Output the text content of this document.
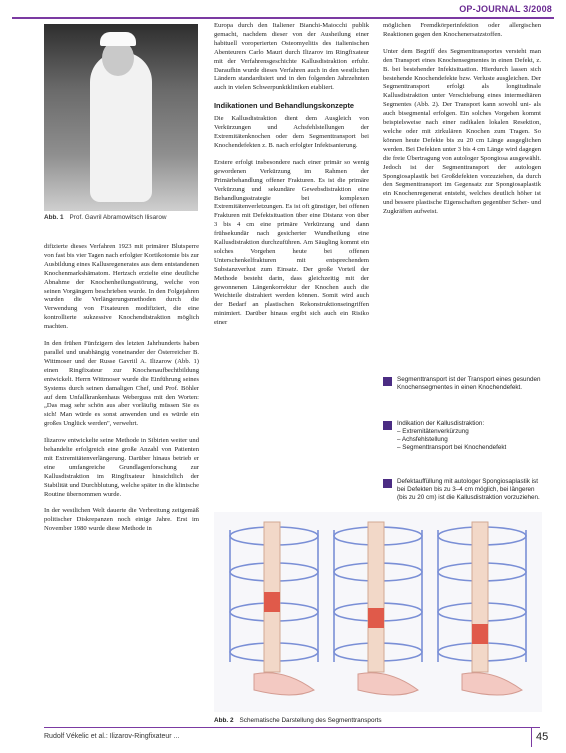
OP-JOURNAL 3/2008
Abb. 1 Prof. Gavril Abramowitsch Ilisarow

difizierte dieses Verfahren 1923 mit primärer Blutsperre von fast bis vier Tagen nach erfolgter Kortikotomie bis zur Ausbildung eines Kallusregenerates aus dem entstandenen Knochenmarkshämatom. Hertzsch erzielte eine deutliche Abnahme der Knochenheilungsstörung, welche von seinen Vorgängern beschrieben wurde. In den Folgejahren wurden die Verlängerungsmethoden durch die Verwendung von Fixateuren modifiziert, die eine kontrollierte sukzessive Knochendistraktion möglich machten.

In den frühen Fünfzigern des letzten Jahrhunderts haben parallel und unabhängig voneinander der Österreicher B. Wittmoser und der Russe Gavriil A. Ilizarow (Abb. 1) einen Ringfixateur zur Knochenaufbechtbildung entwickelt. Herrn Wittmoser wurde die Einführung seines Systems durch seinen damaligen Chef, und Prof. Böhler auf dem Unfallkrankenhaus Weberguss mit den Worten: „Das mag sehr schön aus aber vorläufig müssen Sie es sich! Man würde es sonst anwenden und es würde ein großes Unglück werden", verwehrt.

Ilizarow entwickelte seine Methode in Sibirien weiter und behandelte erfolgreich eine große Anzahl von Patienten mit Extremitätenverlängerung. Darüber hinaus betrieb er eine umfangreiche Grundlagenforschung zur Kallusdistraktion im Ringfixateur hinsichtlich der Stabilität und Durchblutung, welche später in die klinische Routine übernommen wurde.

In der westlichen Welt dauerte die Verbreitung zeitgemäß politischer Diskrepanzen noch einige Jahre. Erst im November 1980 wurde diese Methode in

Europa durch den Italiener Bianchi-Maiocchi publik gemacht, nachdem dieser von der Ausheilung einer habituell voroperierten Osteomyelitis des italienischen Abenteurers Carlo Mauri durch Ilizarov im Ringfixateur mit der Verfahrensgeschichte Kallusdistraktion erfuhr. Daraufhin wurde dieses Verfahren auch in den westlichen Ländern standardisiert und in den folgenden Jahrzehnten auch in vielen Schwerpunktkliniken etabliert.

Indikationen und Behandlungskonzepte

Die Kallusdistraktion dient dem Ausgleich von Verkürzungen und Achsfehlstellungen der Extremitätenknochen oder dem Segmenttransport bei Knochendefekten z. B. nach erfolgter Infektsanierung.

Erstere erfolgt insbesondere nach einer primär so wenig gewordenen Verkürzung im Rahmen der Primärbehandlung offener Frakturen. Es ist die primäre Verkürzung und sekundäre Gewebsdistraktion eine Behandlungsstrategie bei komplexen Extremitätenverletzungen. Es ist oft günstiger, bei offenen Frakturen mit Defektsituation über eine Distanz von über 3 bis 4 cm eine primäre Verkürzung und dann frühsekundär nach gesicherter Wundheilung eine Kallusdistraktion durchzuführen. Am Säugling kommt ein solches Vorgehen heute bei offenen Unterschenkelfrakturen mit entsprechendem Substanzverlust zum Einsatz. Der große Vorteil der Methode besteht darin, dass gleichzeitig mit der gewonnenen Längenkorrektur der Knochen auch die Weichteile distrahiert werden können. Somit wird auch der Bedarf an plastischen Rekonstruktionseingriffen minimiert. Darüber hinaus ergibt sich auch ein Risiko einer

möglichen Fremdkörperinfektion oder allergischen Reaktionen gegen den Knochenersatzstoffen.

Unter dem Begriff des Segmenttransportes versteht man den Transport eines Knochensegmentes in einen Defekt, z. B. bei bestehender Infektsituation. Hierdurch lassen sich bestehende Knochendefekte bzw. Verluste ausgleichen. Der Segmenttransport erfolgt als longitudinale Kallusdistraktion unter Verschiebung eines intermediären Segmentes (Abb. 2). Der Transport kann sowohl uni- als auch bisegmental erfolgen. Ein solches Vorgehen kommt beispielsweise nach einer radikalen lokalen Resektion, welche oder mit zirkulären Knochen zum Tragen. So können heute Defekte bis zu 20 cm Länge ausgeglichen werden. Bei Defekten unter 3 bis 4 cm Länge wird dagegen die freie Übertragung von autologer Spongiosa ausgewählt. Jedoch ist der Segmenttransport der autologen Spongiosaplastik bei Großdefekten vorzuziehen, da durch den Segmenttransport im Gegensatz zur Spongiosaplastik ein Knochenregenerat entsteht, welches deutlich höher ist und bessere plastische Eigenschaften gegenüber Scher- und Zugkräften aufweist.

Segmenttransport ist der Transport eines gesunden Knochensegmentes in einen Knochendefekt.
Indikation der Kallusdistraktion:
– Extremitätenverkürzung
– Achsfehlstellung
– Segmenttransport bei Knochendefekt
Defektauffüllung mit autologer Spongiosaplastik ist bei Defekten bis zu 3–4 cm möglich, bei längeren (bis zu 20 cm) ist die Kallusdistraktion vorzuziehen.
Abb. 2 Schematische Darstellung des Segmenttransports
Rudolf Vékelic et al.: Ilizarov-Ringfixateur ...	45
